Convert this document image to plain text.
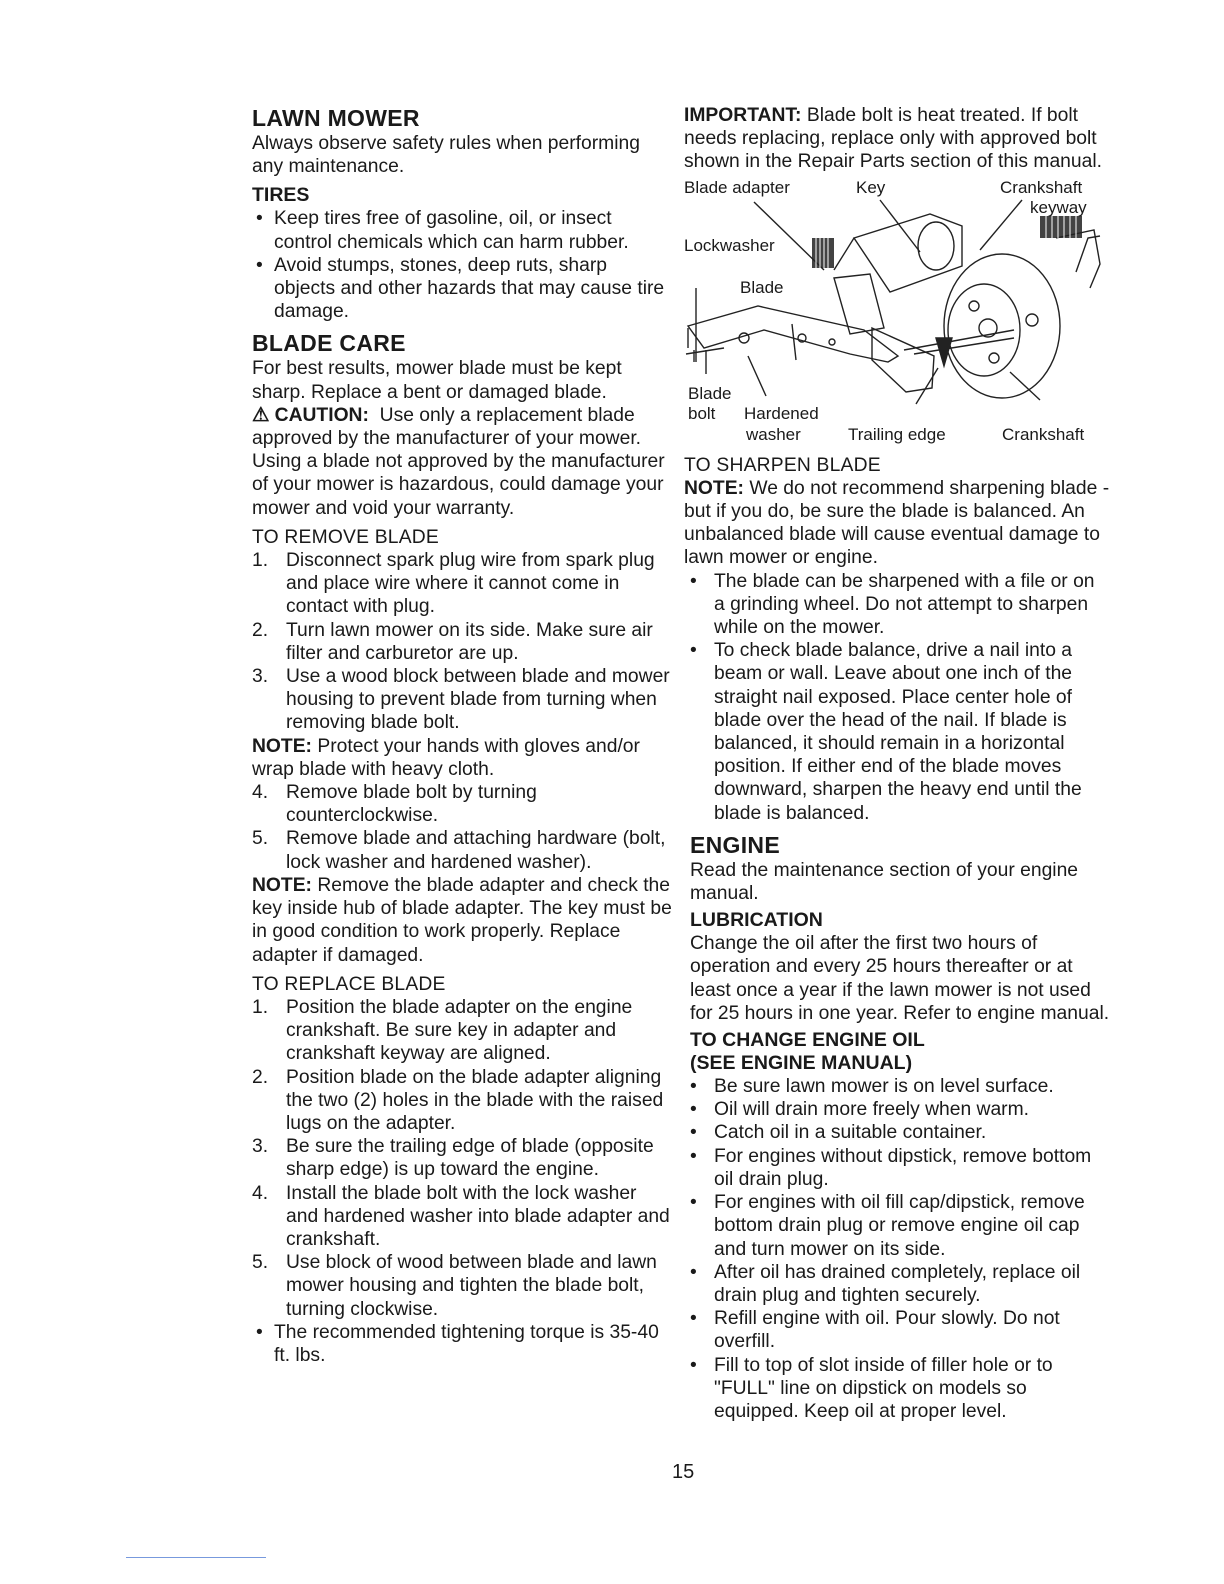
LAWN MOWER

Always observe safety rules when performing any maintenance.

TIRES
• Keep tires free of gasoline, oil, or insect control chemicals which can harm rubber.
• Avoid stumps, stones, deep ruts, sharp objects and other hazards that may cause tire damage.
BLADE CARE

For best results, mower blade must be kept sharp. Replace a bent or damaged blade.

⚠ CAUTION: Use only a replacement blade approved by the manufacturer of your mower. Using a blade not approved by the manufacturer of your mower is hazardous, could damage your mower and void your warranty.

TO REMOVE BLADE

1. Disconnect spark plug wire from spark plug and place wire where it cannot come in contact with plug.
2. Turn lawn mower on its side. Make sure air filter and carburetor are up.
3. Use a wood block between blade and mower housing to prevent blade from turning when removing blade bolt.

NOTE: Protect your hands with gloves and/or wrap blade with heavy cloth.

4. Remove blade bolt by turning counterclockwise.
5. Remove blade and attaching hardware (bolt, lock washer and hardened washer).

NOTE: Remove the blade adapter and check the key inside hub of blade adapter. The key must be in good condition to work properly. Replace adapter if damaged.

TO REPLACE BLADE

1. Position the blade adapter on the engine crankshaft. Be sure key in adapter and crankshaft keyway are aligned.
2. Position blade on the blade adapter aligning the two (2) holes in the blade with the raised lugs on the adapter.
3. Be sure the trailing edge of blade (opposite sharp edge) is up toward the engine.
4. Install the blade bolt with the lock washer and hardened washer into blade adapter and crankshaft.
5. Use block of wood between blade and lawn mower housing and tighten the blade bolt, turning clockwise.
• The recommended tightening torque is 35-40 ft. lbs.

IMPORTANT: Blade bolt is heat treated. If bolt needs replacing, replace only with approved bolt shown in the Repair Parts section of this manual.

Blade adapter	Key	Crankshaft
keyway
Lockwasher
Blade
Blade
bolt Hardened
washer	Trailing edge	Crankshaft

TO SHARPEN BLADE

NOTE: We do not recommend sharpening blade - but if you do, be sure the blade is balanced. An unbalanced blade will cause eventual damage to lawn mower or engine.

• The blade can be sharpened with a file or on a grinding wheel. Do not attempt to sharpen while on the mower.
• To check blade balance, drive a nail into a beam or wall. Leave about one inch of the straight nail exposed. Place center hole of blade over the head of the nail. If blade is balanced, it should remain in a horizontal position. If either end of the blade moves downward, sharpen the heavy end until the blade is balanced.
ENGINE

Read the maintenance section of your engine manual.

LUBRICATION

Change the oil after the first two hours of operation and every 25 hours thereafter or at least once a year if the lawn mower is not used for 25 hours in one year. Refer to engine manual.

TO CHANGE ENGINE OIL
(SEE ENGINE MANUAL)
• Be sure lawn mower is on level surface.
• Oil will drain more freely when warm.
• Catch oil in a suitable container.
• For engines without dipstick, remove bottom oil drain plug.
• For engines with oil fill cap/dipstick, remove bottom drain plug or remove engine oil cap and turn mower on its side.
• After oil has drained completely, replace oil drain plug and tighten securely.
• Refill engine with oil. Pour slowly. Do not overfill.
• Fill to top of slot inside of filler hole or to "FULL" line on dipstick on models so equipped. Keep oil at proper level.
15
